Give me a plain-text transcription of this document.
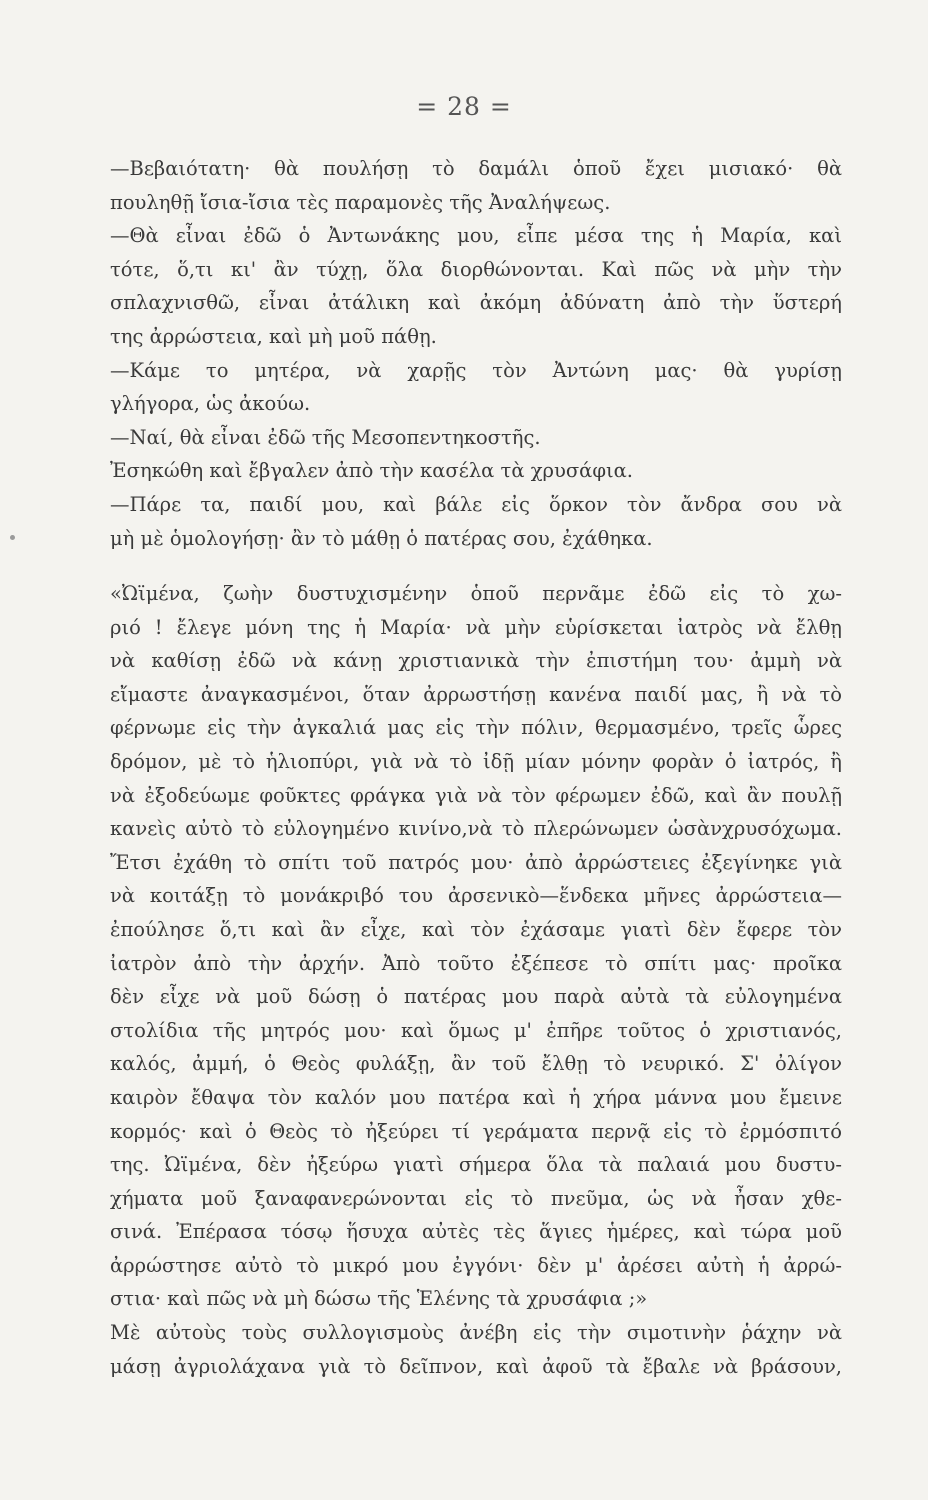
= 28 =
—Βεβαιότατη· θὰ πουλήσῃ τὸ δαμάλι ὁποῦ ἔχει μισιακό· θὰ
πουληθῇ ἴσια-ἴσια τὲς παραμονὲς τῆς Ἀναλήψεως.
—Θὰ εἶναι ἐδῶ ὁ Ἀντωνάκης μου, εἶπε μέσα της ἡ Μαρία, καὶ
τότε, ὅ,τι κι' ἂν τύχῃ, ὅλα διορθώνονται. Καὶ πῶς νὰ μὴν τὴν
σπλαχνισθῶ, εἶναι ἀτάλικη καὶ ἀκόμη ἀδύνατη ἀπὸ τὴν ὕστερή
της ἀρρώστεια, καὶ μὴ μοῦ πάθῃ.
—Κάμε το μητέρα, νὰ χαρῇς τὸν Ἀντώνη μας· θὰ γυρίσῃ
γλήγορα, ὡς ἀκούω.
—Ναί, θὰ εἶναι ἐδῶ τῆς Μεσοπεντηκοστῆς.
Ἐσηκώθη καὶ ἔβγαλεν ἀπὸ τὴν κασέλα τὰ χρυσάφια.
—Πάρε τα, παιδί μου, καὶ βάλε εἰς ὅρκον τὸν ἄνδρα σου νὰ
μὴ μὲ ὁμολογήσῃ· ἂν τὸ μάθῃ ὁ πατέρας σου, ἐχάθηκα.
«Ὠϊμένα, ζωὴν δυστυχισμένην ὁποῦ περνᾶμε ἐδῶ εἰς τὸ χω-
ριό ! ἔλεγε μόνη της ἡ Μαρία· νὰ μὴν εὑρίσκεται ἰατρὸς νὰ ἔλθῃ
νὰ καθίσῃ ἐδῶ νὰ κάνῃ χριστιανικὰ τὴν ἐπιστήμη του· ἀμμὴ νὰ
εἴμαστε ἀναγκασμένοι, ὅταν ἀρρωστήσῃ κανένα παιδί μας, ἢ νὰ τὸ
φέρνωμε εἰς τὴν ἀγκαλιά μας εἰς τὴν πόλιν, θερμασμένο, τρεῖς ὧρες
δρόμον, μὲ τὸ ἡλιοπύρι, γιὰ νὰ τὸ ἰδῇ μίαν μόνην φορὰν ὁ ἰατρός, ἢ
νὰ ἐξοδεύωμε φοῦκτες φράγκα γιὰ νὰ τὸν φέρωμεν ἐδῶ, καὶ ἂν πουλῇ
κανεὶς αὐτὸ τὸ εὐλογημένο κινίνο,νὰ τὸ πλερώνωμεν ὡσὰνχρυσόχωμα.
Ἔτσι ἐχάθη τὸ σπίτι τοῦ πατρός μου· ἀπὸ ἀρρώστειες ἐξεγίνηκε γιὰ
νὰ κοιτάξῃ τὸ μονάκριβό του ἀρσενικὸ—ἕνδεκα μῆνες ἀρρώστεια—
ἐπούλησε ὅ,τι καὶ ἂν εἶχε, καὶ τὸν ἐχάσαμε γιατὶ δὲν ἔφερε τὸν
ἰατρὸν ἀπὸ τὴν ἀρχήν. Ἀπὸ τοῦτο ἐξέπεσε τὸ σπίτι μας· προῖκα
δὲν εἶχε νὰ μοῦ δώσῃ ὁ πατέρας μου παρὰ αὐτὰ τὰ εὐλογημένα
στολίδια τῆς μητρός μου· καὶ ὅμως μ' ἐπῆρε τοῦτος ὁ χριστιανός,
καλός, ἀμμή, ὁ Θεὸς φυλάξῃ, ἂν τοῦ ἔλθῃ τὸ νευρικό. Σ' ὀλίγον
καιρὸν ἔθαψα τὸν καλόν μου πατέρα καὶ ἡ χήρα μάννα μου ἔμεινε
κορμός· καὶ ὁ Θεὸς τὸ ἠξεύρει τί γεράματα περνᾷ εἰς τὸ ἐρμόσπιτό
της. Ὠϊμένα, δὲν ἠξεύρω γιατὶ σήμερα ὅλα τὰ παλαιά μου δυστυ-
χήματα μοῦ ξαναφανερώνονται εἰς τὸ πνεῦμα, ὡς νὰ ἦσαν χθε-
σινά. Ἐπέρασα τόσῳ ἥσυχα αὐτὲς τὲς ἅγιες ἡμέρες, καὶ τώρα μοῦ
ἀρρώστησε αὐτὸ τὸ μικρό μου ἐγγόνι· δὲν μ' ἀρέσει αὐτὴ ἡ ἀρρώ-
στια· καὶ πῶς νὰ μὴ δώσω τῆς Ἑλένης τὰ χρυσάφια ;»
Μὲ αὐτοὺς τοὺς συλλογισμοὺς ἀνέβη εἰς τὴν σιμοτινὴν ῥάχην νὰ
μάσῃ ἀγριολάχανα γιὰ τὸ δεῖπνον, καὶ ἀφοῦ τὰ ἔβαλε νὰ βράσουν,
